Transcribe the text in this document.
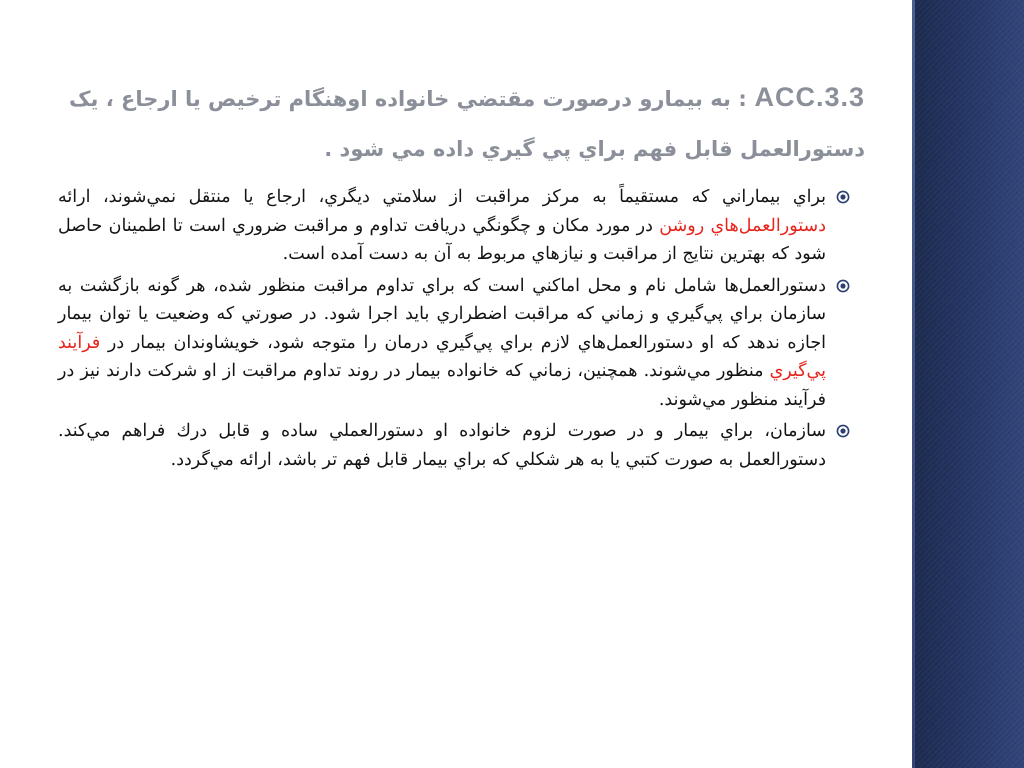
ACC.3.3 : به بیمارو درصورت مقتضي خانواده اوهنگام ترخیص یا ارجاع ، یک دستورالعمل قابل فهم براي پي گيري داده مي شود .

براي بيماراني كه مستقيماً به مركز مراقبت از سلامتي ديگري، ارجاع يا منتقل نمي‌شوند، ارائه دستورالعمل‌هاي روشن در مورد مكان و چگونگي دريافت تداوم و مراقبت ضروري است تا اطمينان حاصل شود كه بهترين نتايج از مراقبت و نيازهاي مربوط به آن به دست آمده است.

دستورالعمل‌ها شامل نام و محل اماكني است كه براي تداوم مراقبت منظور شده، هر گونه بازگشت به سازمان براي پي‌گيري و زماني كه مراقبت اضطراري بايد اجرا شود. در صورتي كه وضعيت يا توان بيمار اجازه ندهد كه او دستورالعمل‌هاي لازم براي پي‌گيري درمان را متوجه شود، خويشاوندان بيمار در فرآيند پي‌گيري منظور مي‌شوند. همچنين، زماني كه خانواده بيمار در روند تداوم مراقبت از او شركت دارند نيز در فرآيند منظور مي‌شوند.

سازمان، براي بيمار و در صورت لزوم خانواده او دستورالعملي ساده و قابل درك فراهم مي‌كند. دستورالعمل به صورت كتبي يا به هر شكلي كه براي بيمار قابل فهم تر باشد، ارائه مي‌گردد.
